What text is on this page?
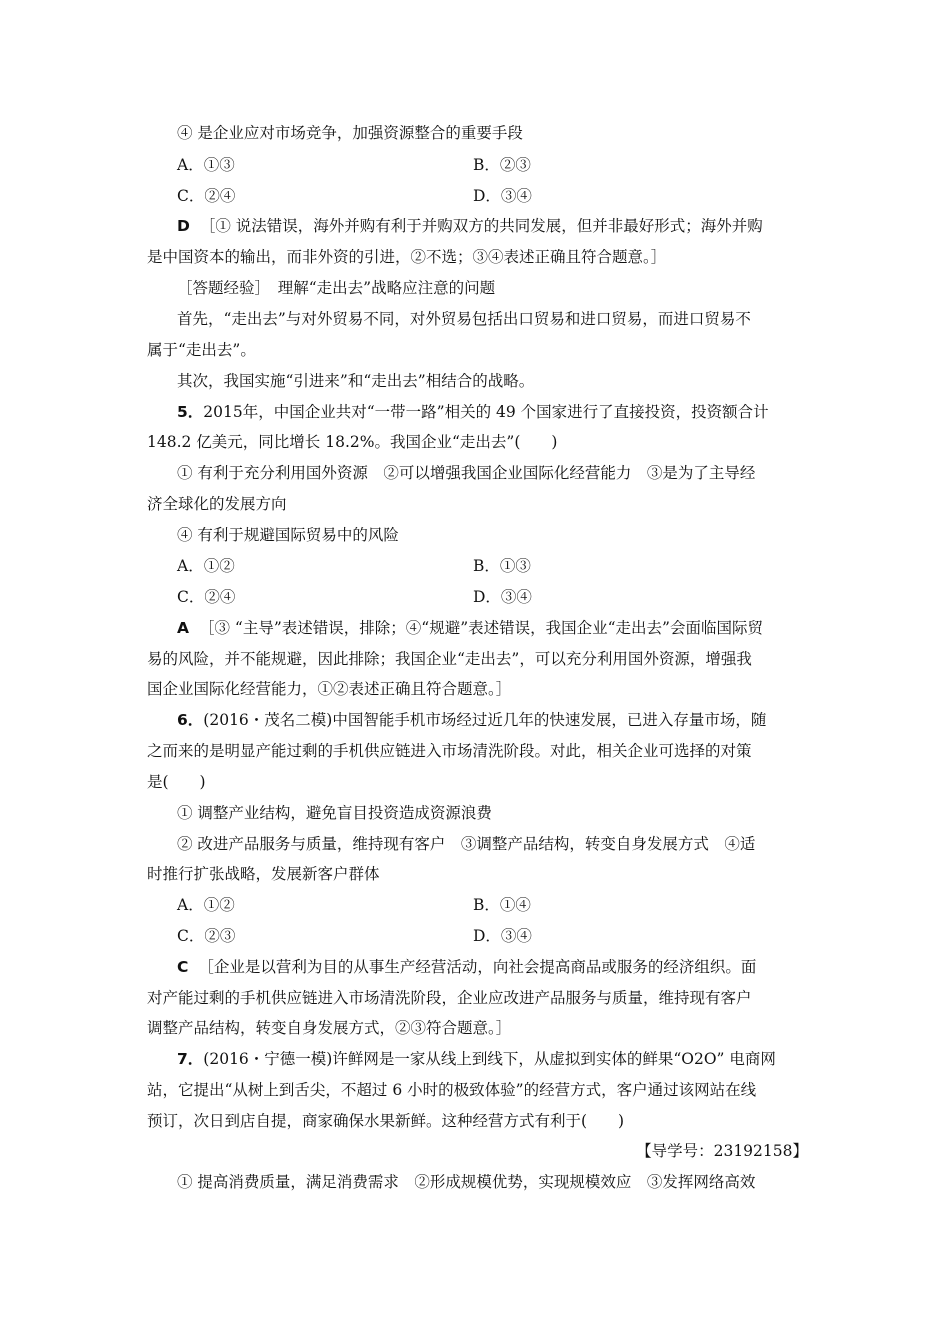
④ 是企业应对市场竞争，加强资源整合的重要手段
A．①③	B．②③
C．②④	D．③④
D ［① 说法错误，海外并购有利于并购双方的共同发展，但并非最好形式；海外并购
是中国资本的输出，而非外资的引进，②不选；③④表述正确且符合题意。］
［答题经验］　理解“走出去”战略应注意的问题
首先，“走出去”与对外贸易不同，对外贸易包括出口贸易和进口贸易，而进口贸易不
属于“走出去”。
其次，我国实施“引进来”和“走出去”相结合的战略。
5．2015年，中国企业共对“一带一路”相关的 49 个国家进行了直接投资，投资额合计
148.2 亿美元，同比增长 18.2%。我国企业“走出去”(　　)
① 有利于充分利用国外资源　②可以增强我国企业国际化经营能力　③是为了主导经
济全球化的发展方向
④ 有利于规避国际贸易中的风险
A．①②	B．①③
C．②④	D．③④
A ［③ “主导”表述错误，排除；④“规避”表述错误，我国企业“走出去”会面临国际贸
易的风险，并不能规避，因此排除；我国企业“走出去”，可以充分利用国外资源，增强我
国企业国际化经营能力，①②表述正确且符合题意。］
6．(2016・茂名二模)中国智能手机市场经过近几年的快速发展，已进入存量市场，随
之而来的是明显产能过剩的手机供应链进入市场清洗阶段。对此，相关企业可选择的对策
是(　　)
① 调整产业结构，避免盲目投资造成资源浪费
② 改进产品服务与质量，维持现有客户　③调整产品结构，转变自身发展方式　④适
时推行扩张战略，发展新客户群体
A．①②	B．①④
C．②③	D．③④
C ［企业是以营利为目的从事生产经营活动，向社会提高商品或服务的经济组织。面
对产能过剩的手机供应链进入市场清洗阶段，企业应改进产品服务与质量，维持现有客户
调整产品结构，转变自身发展方式，②③符合题意。］
7．(2016・宁德一模)许鲜网是一家从线上到线下，从虚拟到实体的鲜果“O2O” 电商网
站，它提出“从树上到舌尖，不超过 6 小时的极致体验”的经营方式，客户通过该网站在线
预订，次日到店自提，商家确保水果新鲜。这种经营方式有利于(　　)
【导学号：23192158】
① 提高消费质量，满足消费需求　②形成规模优势，实现规模效应　③发挥网络高效
